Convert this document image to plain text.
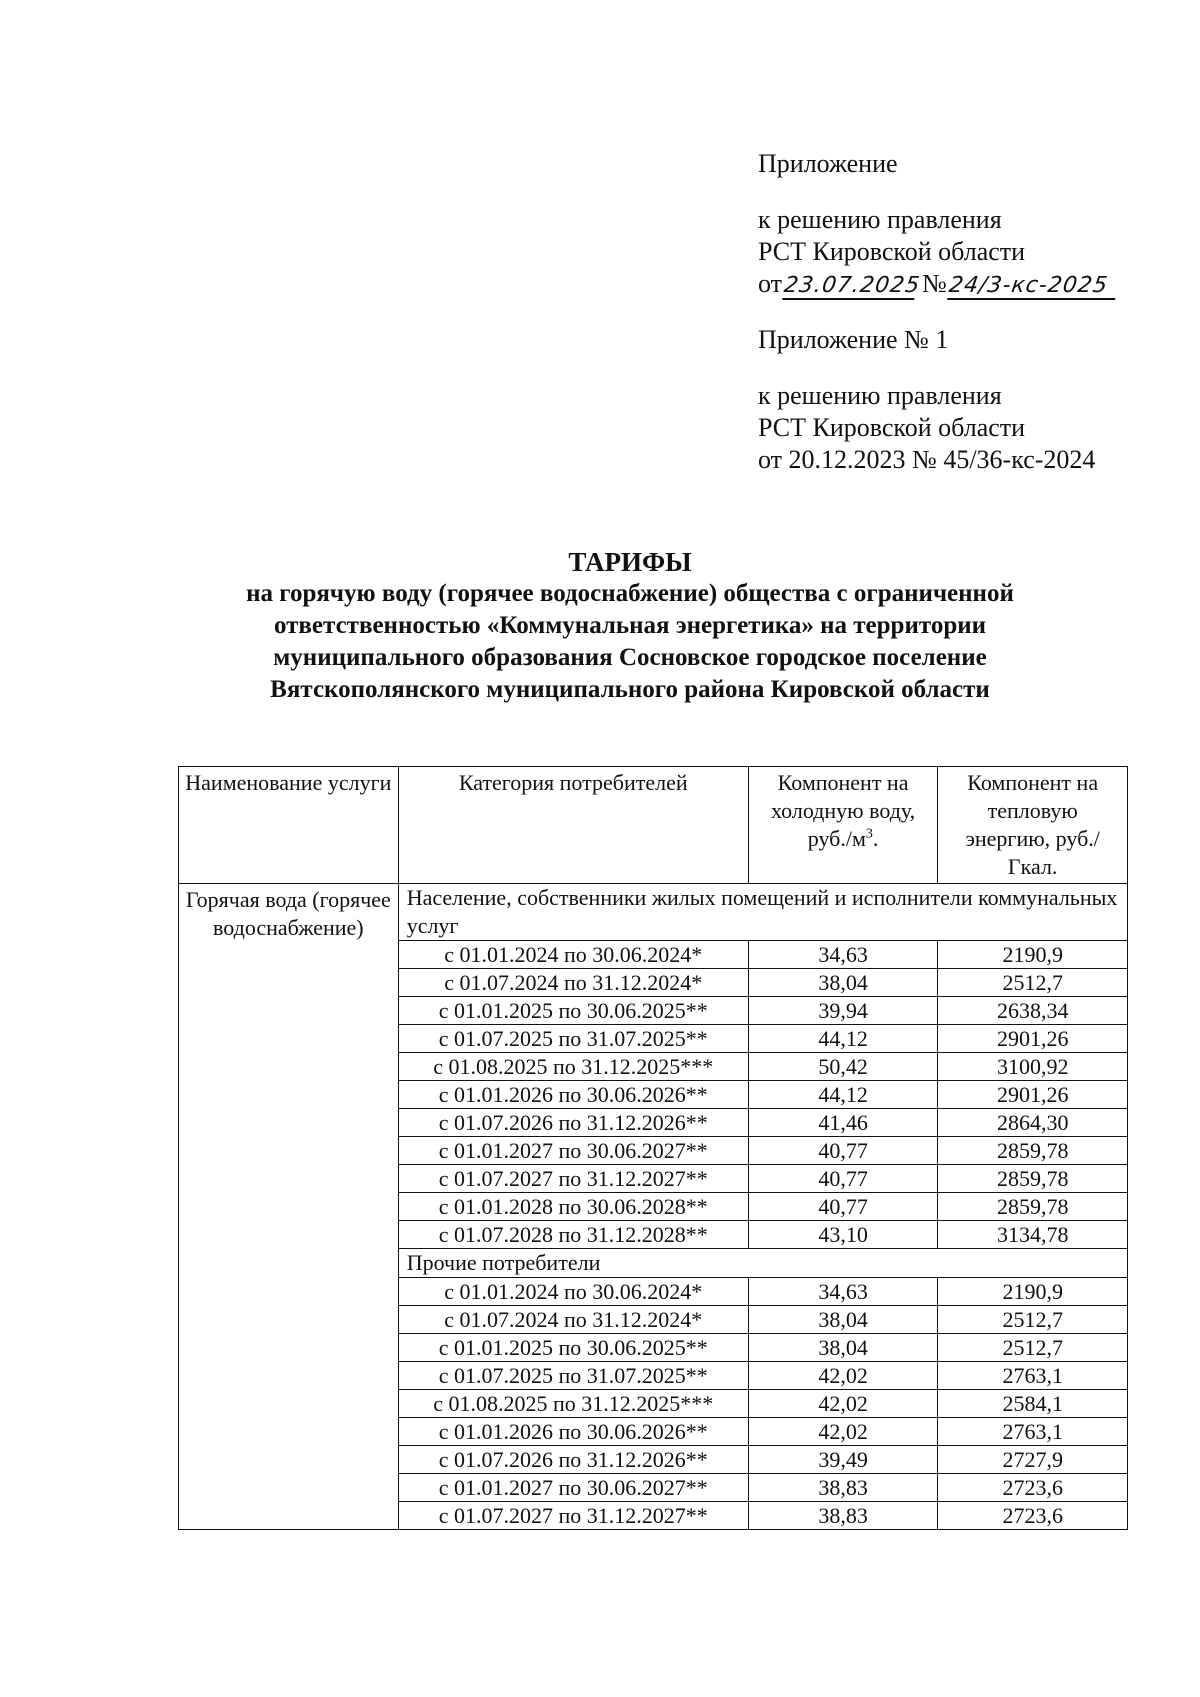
Приложение
к решению правления
РСТ Кировской области
от23.07.2025№24/3-кс-2025
Приложение № 1
к решению правления
РСТ Кировской области
от 20.12.2023 № 45/36-кс-2024
ТАРИФЫ
на горячую воду (горячее водоснабжение) общества с ограниченной
ответственностью «Коммунальная энергетика» на территории
муниципального образования Сосновское городское поселение
Вятскополянского муниципального района Кировской области
Наименование услуги	Категория потребителей	Компонент на холодную воду, $руб./м^3$.	Компонент на тепловую энергию, руб./Гкал.
Горячая вода (горячее водоснабжение)	Население, собственники жилых помещений и исполнители коммунальных услуг		
	с 01.01.2024 по 30.06.2024*	34,63	2190,9
	с 01.07.2024 по 31.12.2024*	38,04	2512,7
	с 01.01.2025 по 30.06.2025**	39,94	2638,34
	с 01.07.2025 по 31.07.2025**	44,12	2901,26
	с 01.08.2025 по 31.12.2025***	50,42	3100,92
	с 01.01.2026 по 30.06.2026**	44,12	2901,26
	с 01.07.2026 по 31.12.2026**	41,46	2864,30
	с 01.01.2027 по 30.06.2027**	40,77	2859,78
	с 01.07.2027 по 31.12.2027**	40,77	2859,78
	с 01.01.2028 по 30.06.2028**	40,77	2859,78
	с 01.07.2028 по 31.12.2028**	43,10	3134,78
	Прочие потребители		
	с 01.01.2024 по 30.06.2024*	34,63	2190,9
	с 01.07.2024 по 31.12.2024*	38,04	2512,7
	с 01.01.2025 по 30.06.2025**	38,04	2512,7
	с 01.07.2025 по 31.07.2025**	42,02	2763,1
	с 01.08.2025 по 31.12.2025***	42,02	2584,1
	с 01.01.2026 по 30.06.2026**	42,02	2763,1
	с 01.07.2026 по 31.12.2026**	39,49	2727,9
	с 01.01.2027 по 30.06.2027**	38,83	2723,6
	с 01.07.2027 по 31.12.2027**	38,83	2723,6
